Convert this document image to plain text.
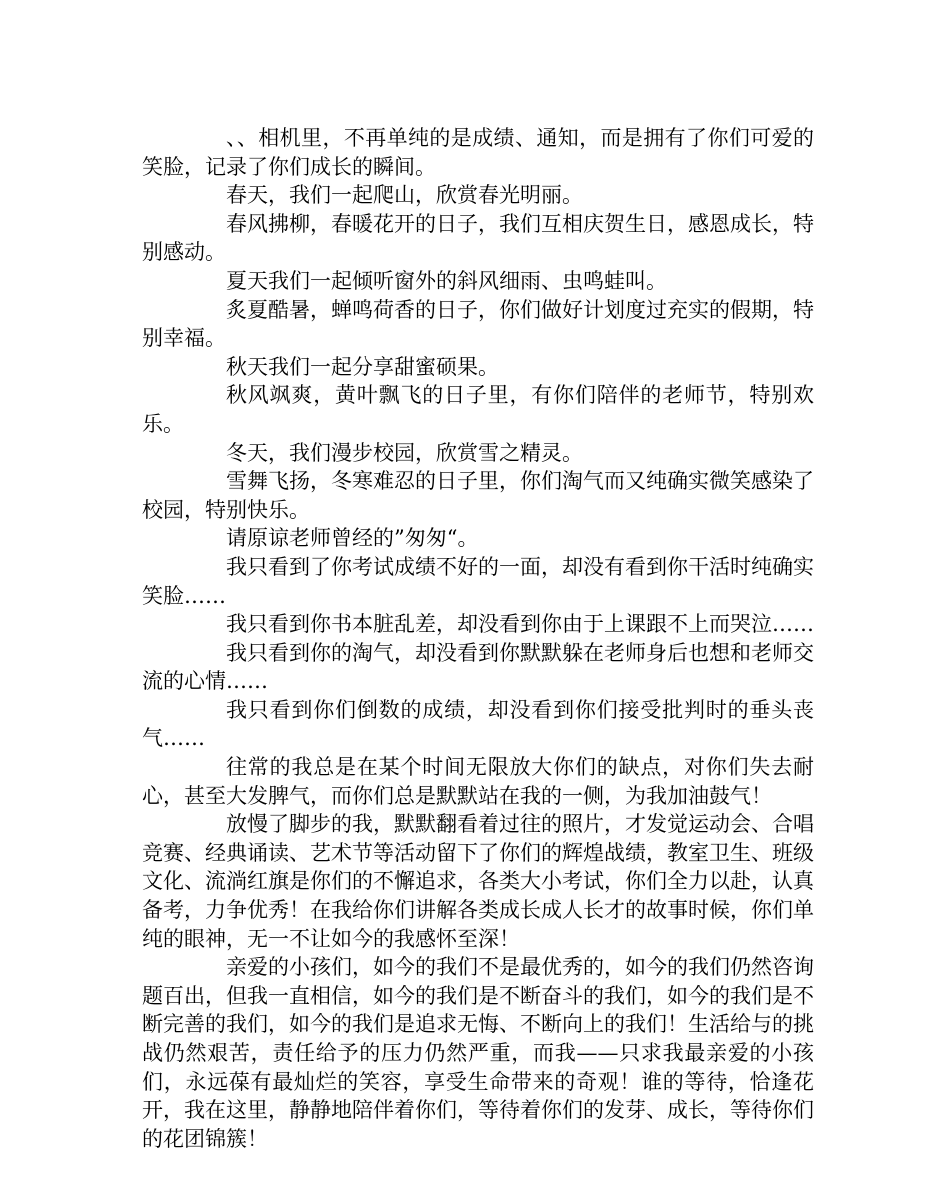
、、相机里，不再单纯的是成绩、通知，而是拥有了你们可爱的笑脸，记录了你们成长的瞬间。

春天，我们一起爬山，欣赏春光明丽。

春风拂柳，春暖花开的日子，我们互相庆贺生日，感恩成长，特别感动。

夏天我们一起倾听窗外的斜风细雨、虫鸣蛙叫。

炙夏酷暑，蝉鸣荷香的日子，你们做好计划度过充实的假期，特别幸福。

秋天我们一起分享甜蜜硕果。

秋风飒爽，黄叶飘飞的日子里，有你们陪伴的老师节，特别欢乐。

冬天，我们漫步校园，欣赏雪之精灵。

雪舞飞扬，冬寒难忍的日子里，你们淘气而又纯确实微笑感染了校园，特别快乐。

请原谅老师曾经的”匆匆“。

我只看到了你考试成绩不好的一面，却没有看到你干活时纯确实笑脸……

我只看到你书本脏乱差，却没看到你由于上课跟不上而哭泣……

我只看到你的淘气，却没看到你默默躲在老师身后也想和老师交流的心情……

我只看到你们倒数的成绩，却没看到你们接受批判时的垂头丧气……

往常的我总是在某个时间无限放大你们的缺点，对你们失去耐心，甚至大发脾气，而你们总是默默站在我的一侧，为我加油鼓气！

放慢了脚步的我，默默翻看着过往的照片，才发觉运动会、合唱竞赛、经典诵读、艺术节等活动留下了你们的辉煌战绩，教室卫生、班级文化、流淌红旗是你们的不懈追求，各类大小考试，你们全力以赴，认真备考，力争优秀！在我给你们讲解各类成长成人长才的故事时候，你们单纯的眼神，无一不让如今的我感怀至深！

亲爱的小孩们，如今的我们不是最优秀的，如今的我们仍然咨询题百出，但我一直相信，如今的我们是不断奋斗的我们，如今的我们是不断完善的我们，如今的我们是追求无悔、不断向上的我们！生活给与的挑战仍然艰苦，责任给予的压力仍然严重，而我——只求我最亲爱的小孩们，永远葆有最灿烂的笑容，享受生命带来的奇观！谁的等待，恰逢花开，我在这里，静静地陪伴着你们，等待着你们的发芽、成长，等待你们的花团锦簇！
